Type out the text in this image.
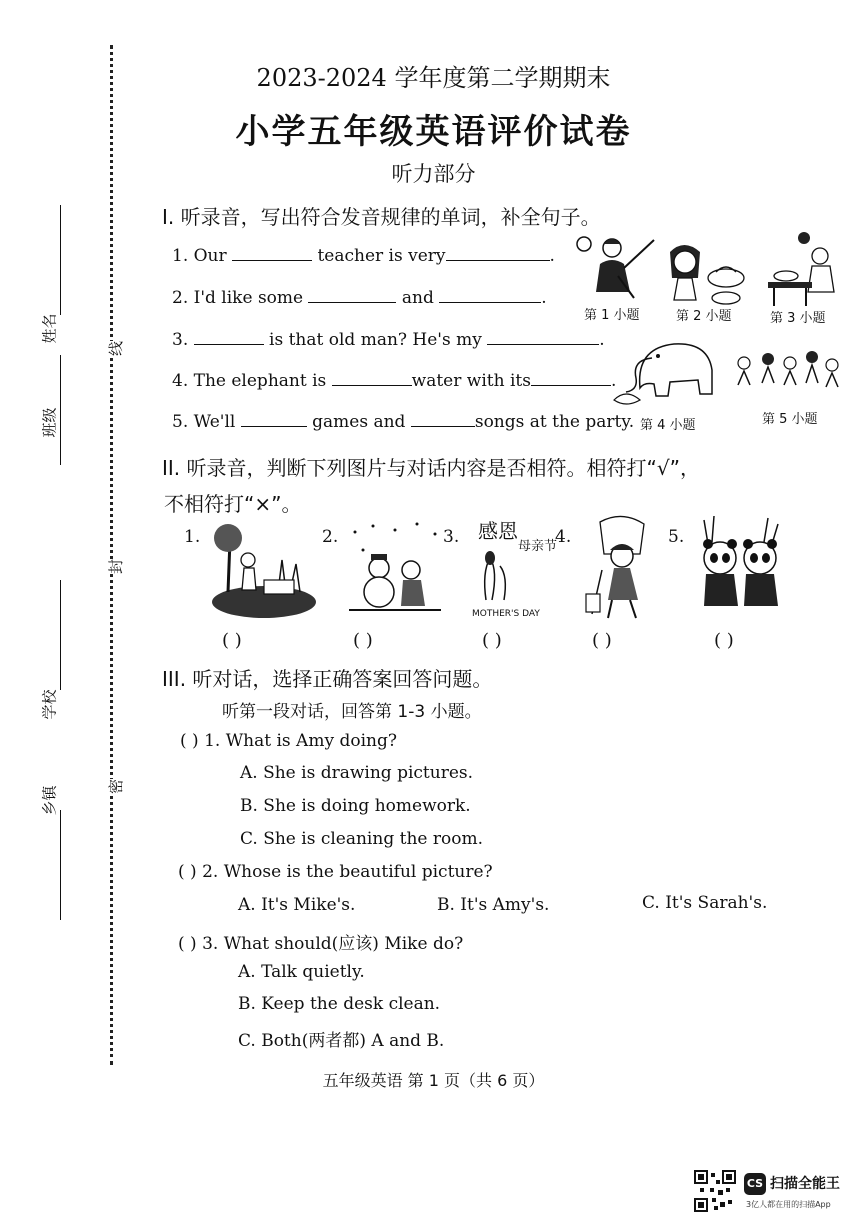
姓名
班级
学校
乡镇
线
封
密
2023-2024 学年度第二学期期末
小学五年级英语评价试卷
听力部分
I. 听录音，写出符合发音规律的单词，补全句子。
1. Our	teacher is very	.
2. I'd like some	and	.
3.	is that old man? He's my	.
4. The elephant is	water with its	.
5. We'll	games and	songs at the party.
第 1 小题	第 2 小题	第 3 小题
第 4 小题	第 5 小题
II. 听录音，判断下列图片与对话内容是否相符。相符打“√”，
不相符打“×”。
1.	2.	3. 感恩
母亲节
MOTHER'S DAY
4.	5.
( )	( )	( )	( )	( )
III. 听对话，选择正确答案回答问题。
听第一段对话，回答第 1-3 小题。
( ) 1. What is Amy doing?
A. She is drawing pictures.
B. She is doing homework.
C. She is cleaning the room.
( ) 2. Whose is the beautiful picture?
A. It's Mike's.	B. It's Amy's.	C. It's Sarah's.
( ) 3. What should(应该) Mike do?
A. Talk quietly.
B. Keep the desk clean.
C. Both(两者都) A and B.
五年级英语 第 1 页（共 6 页）
CS 扫描全能王
3亿人都在用的扫描App
